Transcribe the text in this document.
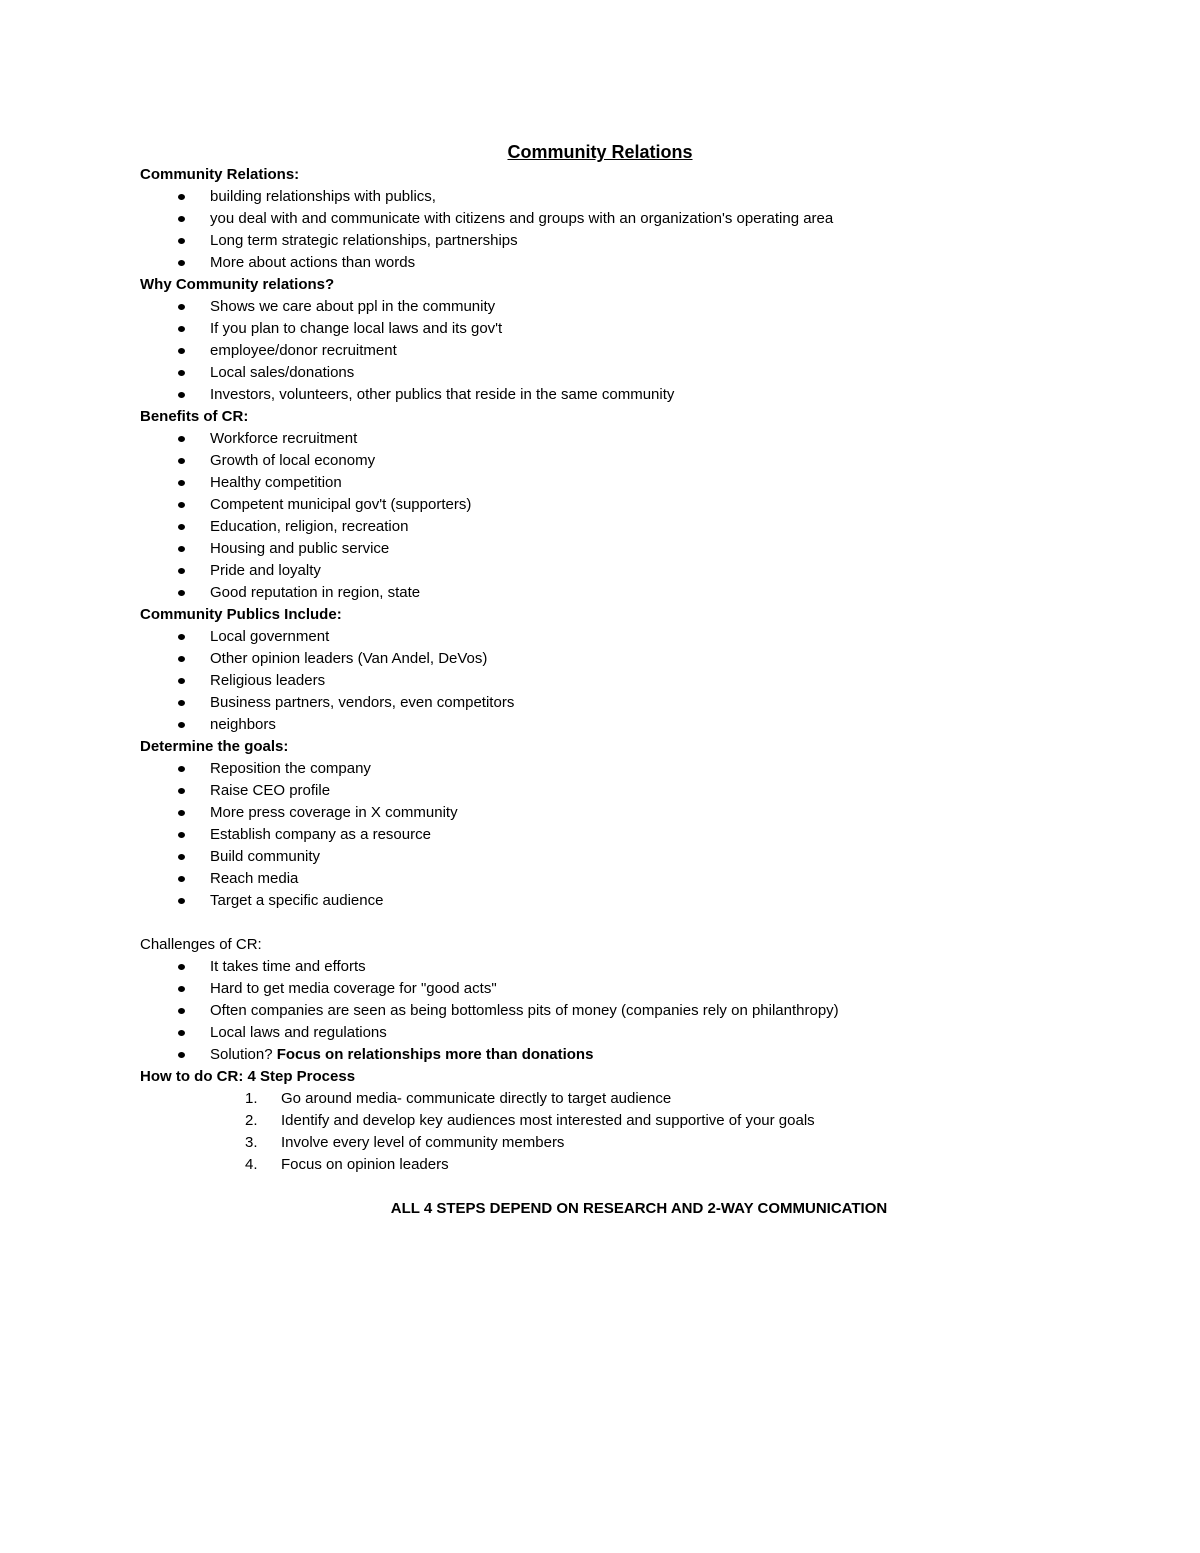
Community Relations
Community Relations:
building relationships with publics,
you deal with and communicate with citizens and groups with an organization's operating area
Long term strategic relationships, partnerships
More about actions than words
Why Community relations?
Shows we care about ppl in the community
If you plan to change local laws and its gov't
employee/donor recruitment
Local sales/donations
Investors, volunteers, other publics that reside in the same community
Benefits of CR:
Workforce recruitment
Growth of local economy
Healthy competition
Competent municipal gov't (supporters)
Education, religion, recreation
Housing and public service
Pride and loyalty
Good reputation in region, state
Community Publics Include:
Local government
Other opinion leaders (Van Andel, DeVos)
Religious leaders
Business partners, vendors, even competitors
neighbors
Determine the goals:
Reposition the company
Raise CEO profile
More press coverage in X community
Establish company as a resource
Build community
Reach media
Target a specific audience
Challenges of CR:
It takes time and efforts
Hard to get media coverage for "good acts"
Often companies are seen as being bottomless pits of money (companies rely on philanthropy)
Local laws and regulations
Solution? Focus on relationships more than donations
How to do CR: 4 Step Process
1. Go around media- communicate directly to target audience
2. Identify and develop key audiences most interested and supportive of your goals
3. Involve every level of community members
4. Focus on opinion leaders
ALL 4 STEPS DEPEND ON RESEARCH AND 2-WAY COMMUNICATION
